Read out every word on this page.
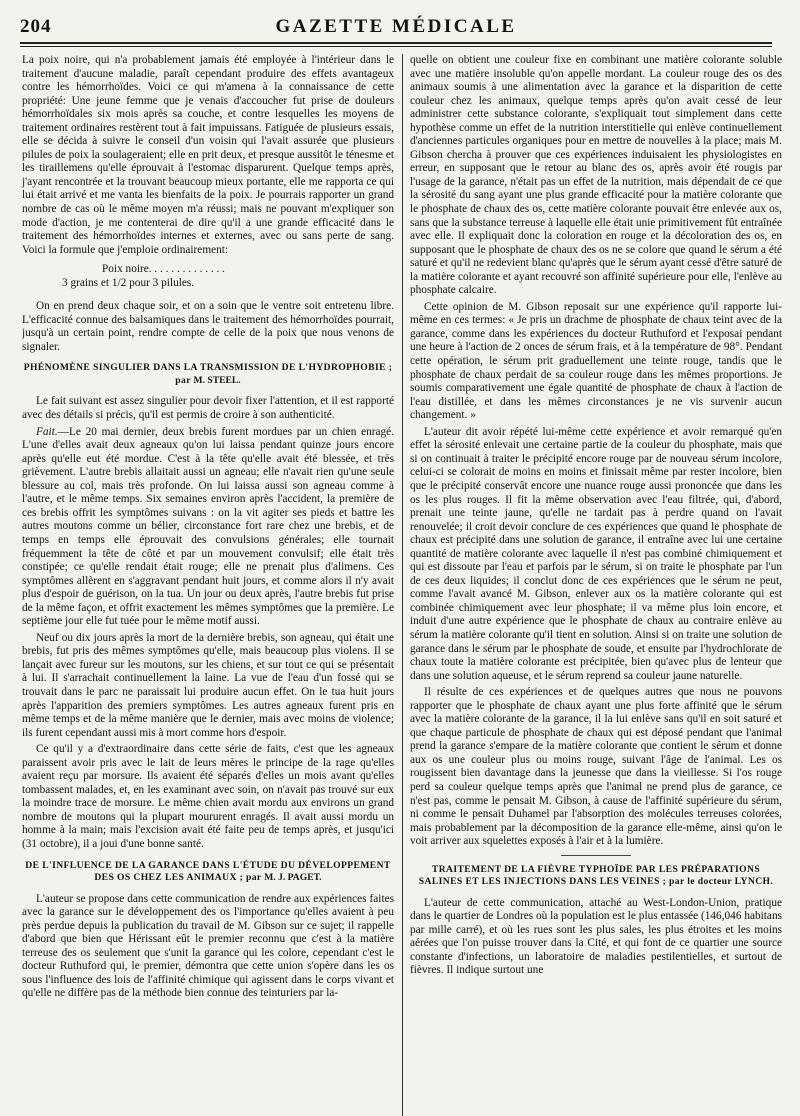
204	GAZETTE MÉDICALE

La poix noire, qui n'a probablement jamais été employée à l'intérieur dans le traitement d'aucune maladie, paraît cependant produire des effets avantageux contre les hémorrhoïdes. Voici ce qui m'amena à la connaissance de cette propriété: Une jeune femme que je venais d'accoucher fut prise de douleurs hémorrhoïdales six mois après sa couche, et contre lesquelles les moyens de traitement ordinaires restèrent tout à fait impuissans. Fatiguée de plusieurs essais, elle se décida à suivre le conseil d'un voisin qui l'avait assurée que plusieurs pilules de poix la soulageraient; elle en prit deux, et presque aussitôt le ténesme et les tiraillemens qu'elle éprouvait à l'estomac disparurent. Quelque temps après, j'ayant rencontrée et la trouvant beaucoup mieux portante, elle me rapporta ce qui lui était arrivé et me vanta les bienfaits de la poix. Je pourrais rapporter un grand nombre de cas où le même moyen m'a réussi; mais ne pouvant m'expliquer son mode d'action, je me contenterai de dire qu'il a une grande efficacité dans le traitement des hémorrhoïdes internes et externes, avec ou sans perte de sang. Voici la formule que j'emploie ordinairement:

Poix noire. . . . . . . . . . . . . . 3 grains et 1/2 pour 3 pilules.

On en prend deux chaque soir, et on a soin que le ventre soit entretenu libre. L'efficacité connue des balsamiques dans le traitement des hémorrhoïdes pourrait, jusqu'à un certain point, rendre compte de celle de la poix que nous venons de signaler.

PHÉNOMÈNE SINGULIER DANS LA TRANSMISSION DE L'HYDROPHOBIE ; par M. STEEL.

Le fait suivant est assez singulier pour devoir fixer l'attention, et il est rapporté avec des détails si précis, qu'il est permis de croire à son authenticité.

Fait.—Le 20 mai dernier, deux brebis furent mordues par un chien enragé. L'une d'elles avait deux agneaux qu'on lui laissa pendant quinze jours encore après qu'elle eut été mordue. C'est à la tête qu'elle avait été blessée, et très grièvement. L'autre brebis allaitait aussi un agneau; elle n'avait rien qu'une seule blessure au col, mais très profonde. On lui laissa aussi son agneau comme à l'autre, et le même temps. Six semaines environ après l'accident, la première de ces brebis offrit les symptômes suivans : on la vit agiter ses pieds et battre les autres moutons comme un bélier, circonstance fort rare chez une brebis, et de temps en temps elle éprouvait des convulsions générales; elle tournait fréquemment la tête de côté et par un mouvement convulsif; elle était très constipée; ce qu'elle rendait était rouge; elle ne prenait plus d'alimens. Ces symptômes allèrent en s'aggravant pendant huit jours, et comme alors il n'y avait plus d'espoir de guérison, on la tua. Un jour ou deux après, l'autre brebis fut prise de la même façon, et offrit exactement les mêmes symptômes que la première. Le septième jour elle fut tuée pour le même motif aussi.

Neuf ou dix jours après la mort de la dernière brebis, son agneau, qui était une brebis, fut pris des mêmes symptômes qu'elle, mais beaucoup plus violens. Il se lançait avec fureur sur les moutons, sur les chiens, et sur tout ce qui se présentait à lui. Il s'arrachait continuellement la laine. La vue de l'eau d'un fossé qui se trouvait dans le parc ne paraissait lui produire aucun effet. On le tua huit jours après l'apparition des premiers symptômes. Les autres agneaux furent pris en même temps et de la même manière que le dernier, mais avec moins de violence; ils furent cependant aussi mis à mort comme hors d'espoir.

Ce qu'il y a d'extraordinaire dans cette série de faits, c'est que les agneaux paraissent avoir pris avec le lait de leurs mères le principe de la rage qu'elles avaient reçu par morsure. Ils avaient été séparés d'elles un mois avant qu'elles tombassent malades, et, en les examinant avec soin, on n'avait pas trouvé sur eux la moindre trace de morsure. Le même chien avait mordu aux environs un grand nombre de moutons qui la plupart moururent enragés. Il avait aussi mordu un homme à la main; mais l'excision avait été faite peu de temps après, et jusqu'ici (31 octobre), il a joui d'une bonne santé.

DE L'INFLUENCE DE LA GARANCE DANS L'ÉTUDE DU DÉVELOPPEMENT DES OS CHEZ LES ANIMAUX ; par M. J. PAGET.

L'auteur se propose dans cette communication de rendre aux expériences faites avec la garance sur le développement des os l'importance qu'elles avaient à peu près perdue depuis la publication du travail de M. Gibson sur ce sujet; il rappelle d'abord que bien que Hérissant eût le premier reconnu que c'est à la matière terreuse des os seulement que s'unit la garance qui les colore, cependant c'est le docteur Ruthuford qui, le premier, démontra que cette union s'opère dans les os sous l'influence des lois de l'affinité chimique qui agissent dans le corps vivant et qu'elle ne diffère pas de la méthode bien connue des teinturiers par la-

quelle on obtient une couleur fixe en combinant une matière colorante soluble avec une matière insoluble qu'on appelle mordant. La couleur rouge des os des animaux soumis à une alimentation avec la garance et la disparition de cette couleur chez les animaux, quelque temps après qu'on avait cessé de leur administrer cette substance colorante, s'expliquait tout simplement dans cette hypothèse comme un effet de la nutrition interstitielle qui enlève continuellement d'anciennes particules organiques pour en mettre de nouvelles à la place; mais M. Gibson chercha à prouver que ces expériences induisaient les physiologistes en erreur, en supposant que le retour au blanc des os, après avoir été rougis par l'usage de la garance, n'était pas un effet de la nutrition, mais dépendait de ce que la sérosité du sang ayant une plus grande efficacité pour la matière colorante que le phosphate de chaux des os, cette matière colorante pouvait être enlevée aux os, sans que la substance terreuse à laquelle elle était unie primitivement fût entraînée avec elle. Il expliquait donc la coloration en rouge et la décoloration des os, en supposant que le phosphate de chaux des os ne se colore que quand le sérum a été saturé et qu'il ne redevient blanc qu'après que le sérum ayant cessé d'être saturé de la matière colorante et ayant recouvré son affinité supérieure pour elle, l'enlève au phosphate calcaire.

Cette opinion de M. Gibson reposait sur une expérience qu'il rapporte lui-même en ces termes: « Je pris un drachme de phosphate de chaux teint avec de la garance, comme dans les expériences du docteur Ruthuford et l'exposai pendant une heure à l'action de 2 onces de sérum frais, et à la température de 98°. Pendant cette opération, le sérum prit graduellement une teinte rouge, tandis que le phosphate de chaux perdait de sa couleur rouge dans les mêmes proportions. Je soumis comparativement une égale quantité de phosphate de chaux à l'action de l'eau distillée, et dans les mêmes circonstances je ne vis survenir aucun changement. »

L'auteur dit avoir répété lui-même cette expérience et avoir remarqué qu'en effet la sérosité enlevait une certaine partie de la couleur du phosphate, mais que si on continuait à traiter le précipité encore rouge par de nouveau sérum incolore, celui-ci se colorait de moins en moins et finissait même par rester incolore, bien que le précipité conservât encore une nuance rouge aussi prononcée que dans les os les plus rouges. Il fit la même observation avec l'eau filtrée, qui, d'abord, prenait une teinte jaune, qu'elle ne tardait pas à perdre quand on l'avait renouvelée; il croit devoir conclure de ces expériences que quand le phosphate de chaux est précipité dans une solution de garance, il entraîne avec lui une certaine quantité de matière colorante avec laquelle il n'est pas combiné chimiquement et qui est dissoute par l'eau et parfois par le sérum, si on traite le phosphate par l'un de ces deux liquides; il conclut donc de ces expériences que le sérum ne peut, comme l'avait avancé M. Gibson, enlever aux os la matière colorante qui est combinée chimiquement avec leur phosphate; il va même plus loin encore, et induit d'une autre expérience que le phosphate de chaux au contraire enlève au sérum la matière colorante qu'il tient en solution. Ainsi si on traite une solution de garance dans le sérum par le phosphate de soude, et ensuite par l'hydrochlorate de chaux toute la matière colorante est précipitée, bien qu'avec plus de lenteur que dans une solution aqueuse, et le sérum reprend sa couleur jaune naturelle.

Il résulte de ces expériences et de quelques autres que nous ne pouvons rapporter que le phosphate de chaux ayant une plus forte affinité que le sérum avec la matière colorante de la garance, il la lui enlève sans qu'il en soit saturé et que chaque particule de phosphate de chaux qui est déposé pendant que l'animal prend la garance s'empare de la matière colorante que contient le sérum et donne aux os une couleur plus ou moins rouge, suivant l'âge de l'animal. Les os rougissent bien davantage dans la jeunesse que dans la vieillesse. Si l'os rouge perd sa couleur quelque temps après que l'animal ne prend plus de garance, ce n'est pas, comme le pensait M. Gibson, à cause de l'affinité supérieure du sérum, ni comme le pensait Duhamel par l'absorption des molécules terreuses colorées, mais probablement par la décomposition de la garance elle-même, ainsi qu'on le voit arriver aux squelettes exposés à l'air et à la lumière.

TRAITEMENT DE LA FIÈVRE TYPHOÏDE PAR LES PRÉPARATIONS SALINES ET LES INJECTIONS DANS LES VEINES ; par le docteur LYNCH.

L'auteur de cette communication, attaché au West-London-Union, pratique dans le quartier de Londres où la population est le plus entassée (146,046 habitans par mille carré), et où les rues sont les plus sales, les plus étroites et les moins aérées que l'on puisse trouver dans la Cité, et qui font de ce quartier une source constante d'infections, un laboratoire de maladies pestilentielles, et surtout de fièvres. Il indique surtout une
